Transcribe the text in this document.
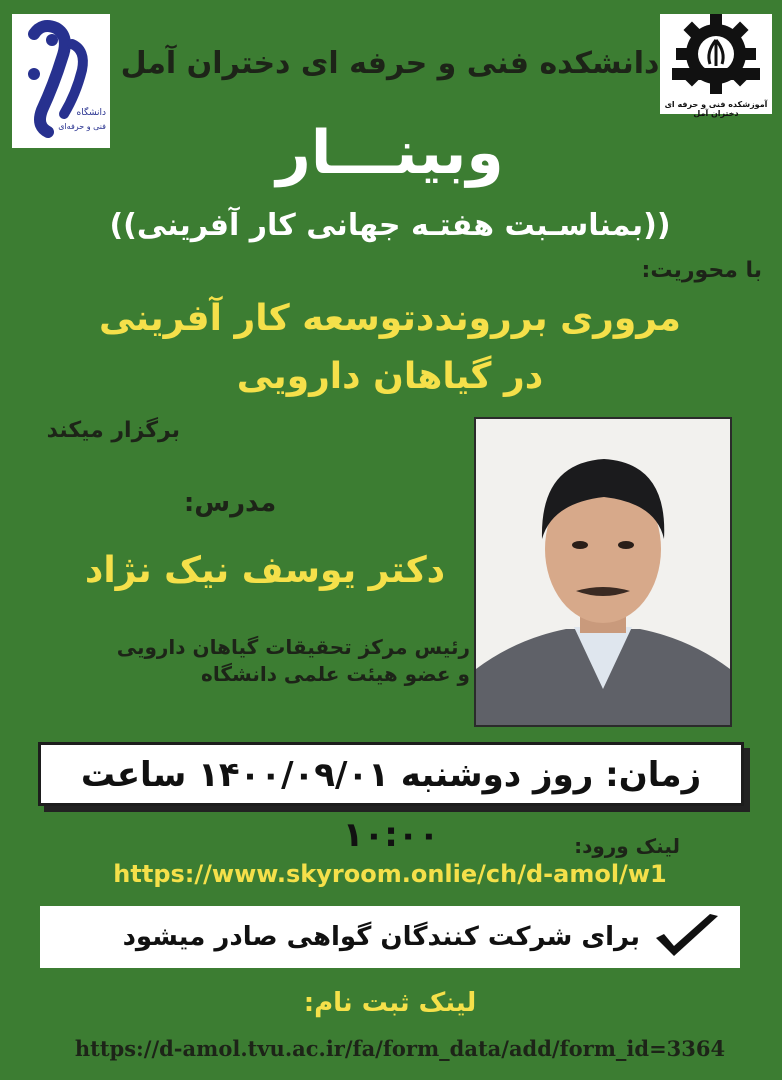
دانشگاه
فنی و حرفه‌ای
آموزشکده فنی و حرفه ای دختران آمل
دانشکده فنی و حرفه ای دختران آمل
وبینـــار
((بمناسـبت هفتـه جهانی کار آفرینی))
با محوریت:
مروری بررونددتوسعه کار آفرینی
در گیاهان دارویی
برگزار میکند
مدرس:
دکتر یوسف نیک نژاد
رئیس مرکز تحقیقات گیاهان دارویی
و عضو هیئت علمی دانشگاه
زمان: روز دوشنبه ۱۴۰۰/۰۹/۰۱ ساعت ۱۰:۰۰	لینک ورود:
https://www.skyroom.onlie/ch/d-amol/w1
برای شرکت کنندگان گواهی صادر میشود
لینک ثبت نام:
https://d-amol.tvu.ac.ir/fa/form_data/add/form_id=3364
